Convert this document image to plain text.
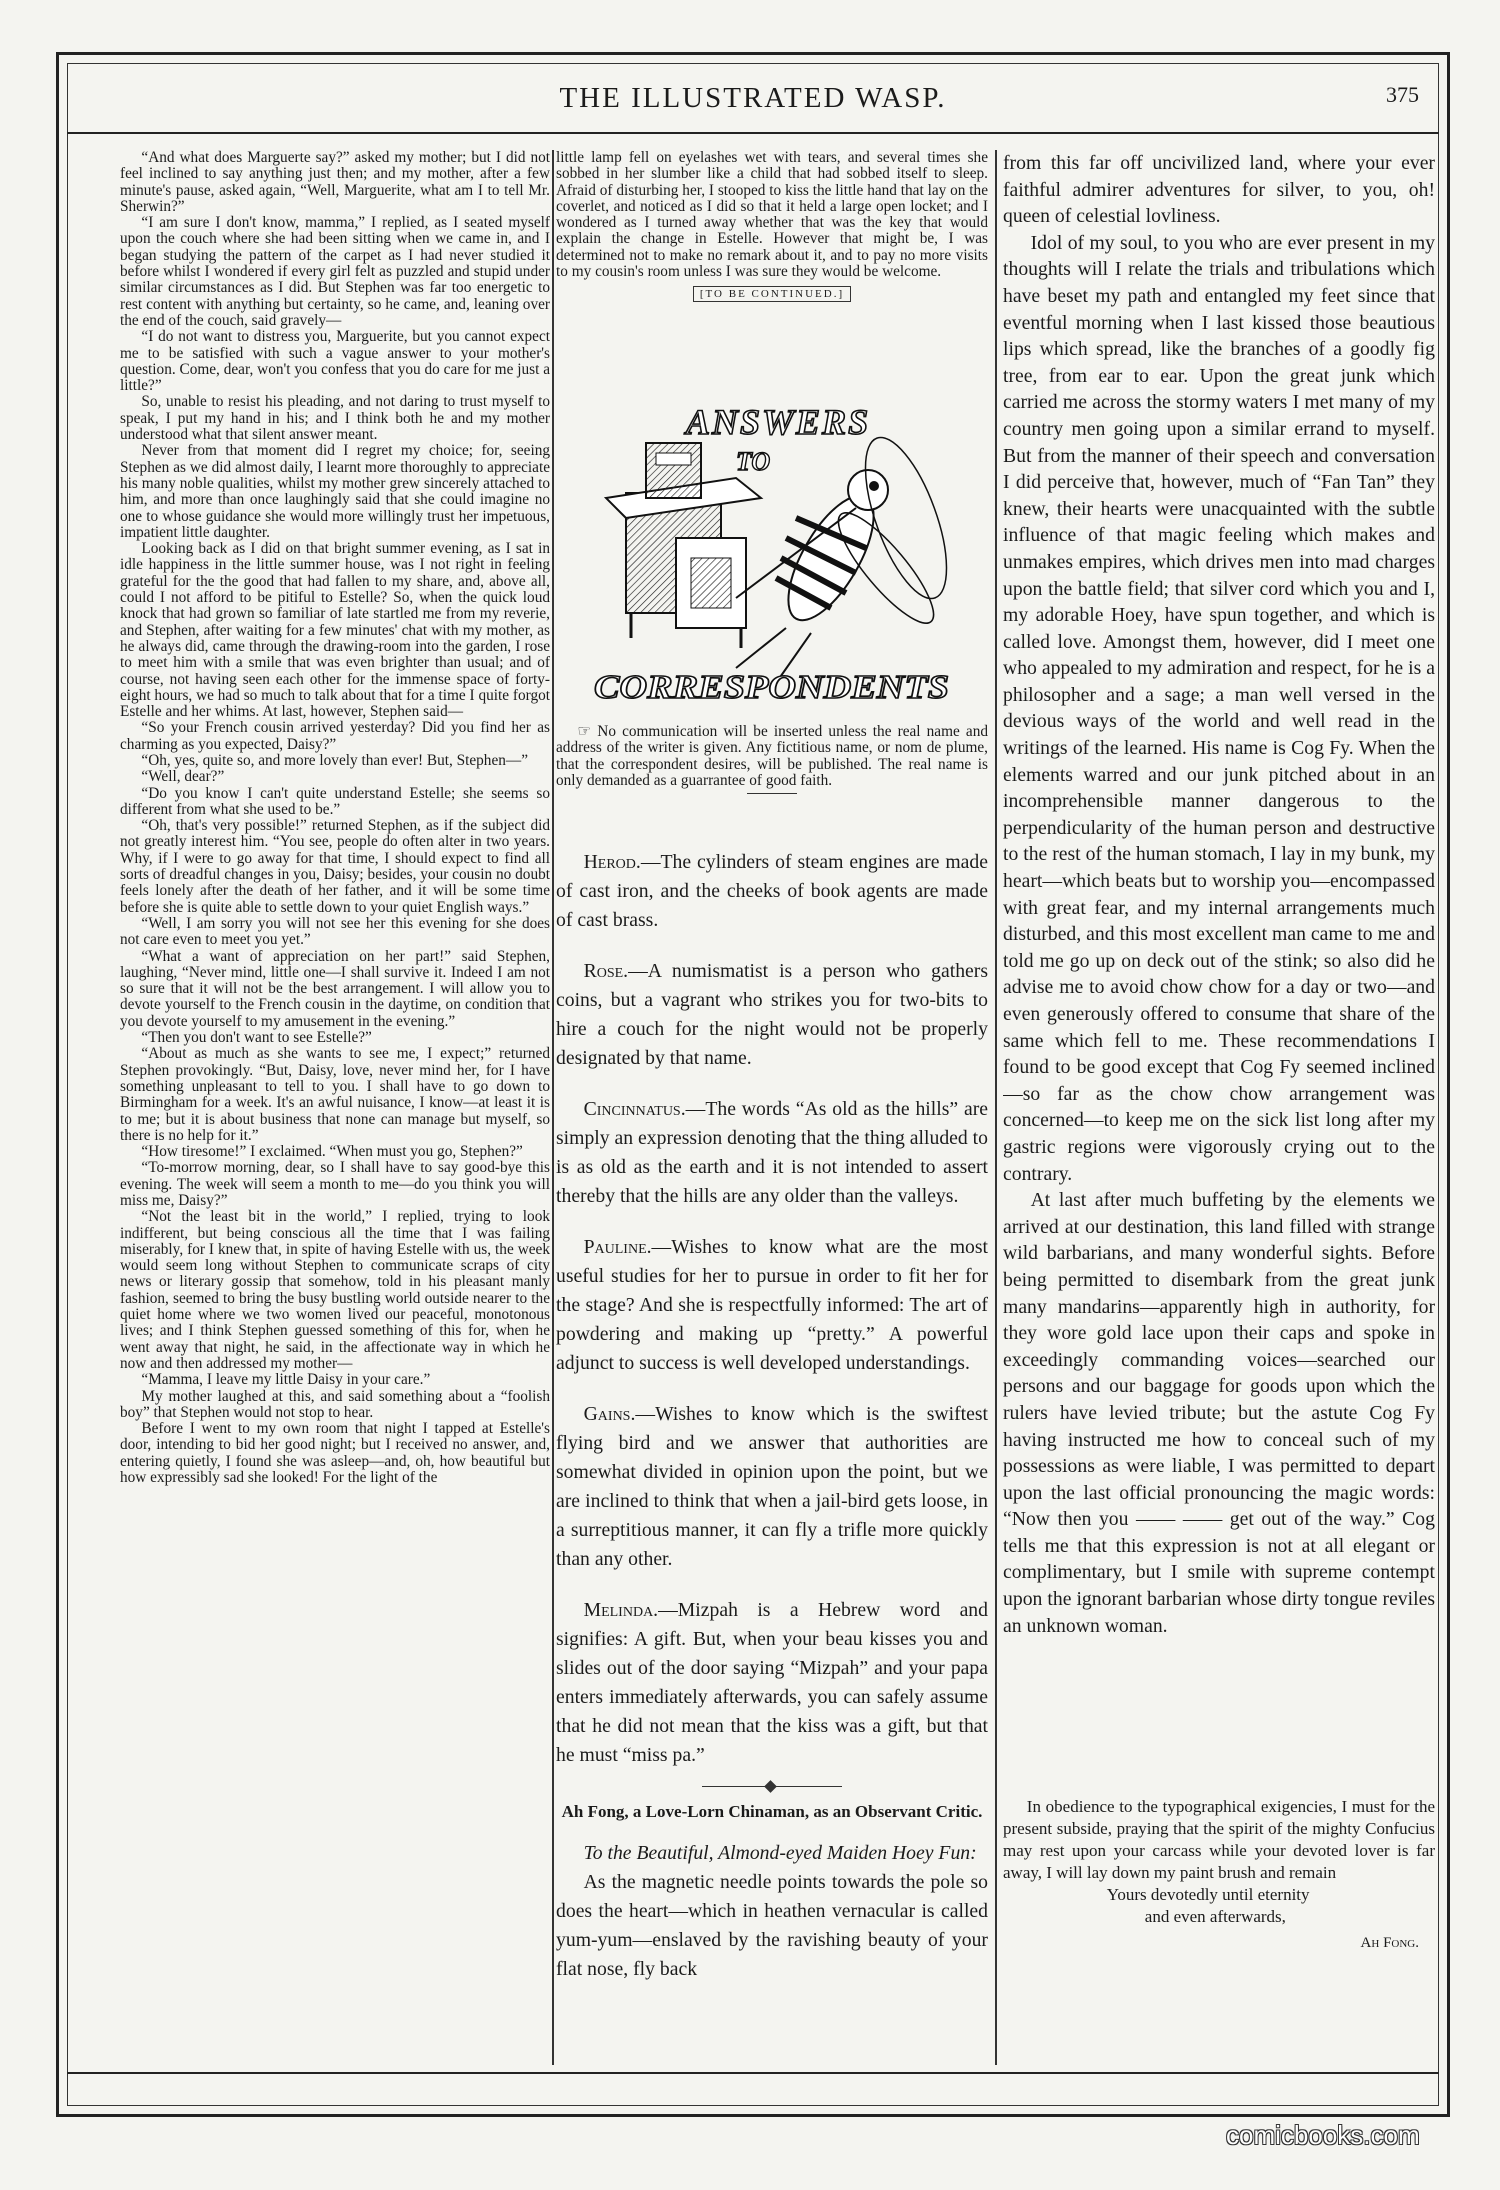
THE ILLUSTRATED WASP.	375

“And what does Marguerte say?” asked my mother; but I did not feel inclined to say anything just then; and my mother, after a few minute's pause, asked again, “Well, Marguerite, what am I to tell Mr. Sherwin?”

“I am sure I don't know, mamma,” I replied, as I seated myself upon the couch where she had been sitting when we came in, and I began studying the pattern of the carpet as I had never studied it before whilst I wondered if every girl felt as puzzled and stupid under similar circumstances as I did. But Stephen was far too energetic to rest content with anything but certainty, so he came, and, leaning over the end of the couch, said gravely—

“I do not want to distress you, Marguerite, but you cannot expect me to be satisfied with such a vague answer to your mother's question. Come, dear, won't you confess that you do care for me just a little?”

So, unable to resist his pleading, and not daring to trust myself to speak, I put my hand in his; and I think both he and my mother understood what that silent answer meant.

Never from that moment did I regret my choice; for, seeing Stephen as we did almost daily, I learnt more thoroughly to appreciate his many noble qualities, whilst my mother grew sincerely attached to him, and more than once laughingly said that she could imagine no one to whose guidance she would more willingly trust her impetuous, impatient little daughter.

Looking back as I did on that bright summer evening, as I sat in idle happiness in the little summer house, was I not right in feeling grateful for the the good that had fallen to my share, and, above all, could I not afford to be pitiful to Estelle? So, when the quick loud knock that had grown so familiar of late startled me from my reverie, and Stephen, after waiting for a few minutes' chat with my mother, as he always did, came through the drawing-room into the garden, I rose to meet him with a smile that was even brighter than usual; and of course, not having seen each other for the immense space of forty-eight hours, we had so much to talk about that for a time I quite forgot Estelle and her whims. At last, however, Stephen said—

“So your French cousin arrived yesterday? Did you find her as charming as you expected, Daisy?”

“Oh, yes, quite so, and more lovely than ever! But, Stephen—”

“Well, dear?”

“Do you know I can't quite understand Estelle; she seems so different from what she used to be.”

“Oh, that's very possible!” returned Stephen, as if the subject did not greatly interest him. “You see, people do often alter in two years. Why, if I were to go away for that time, I should expect to find all sorts of dreadful changes in you, Daisy; besides, your cousin no doubt feels lonely after the death of her father, and it will be some time before she is quite able to settle down to your quiet English ways.”

“Well, I am sorry you will not see her this evening for she does not care even to meet you yet.”

“What a want of appreciation on her part!” said Stephen, laughing, “Never mind, little one—I shall survive it. Indeed I am not so sure that it will not be the best arrangement. I will allow you to devote yourself to the French cousin in the daytime, on condition that you devote yourself to my amusement in the evening.”

“Then you don't want to see Estelle?”

“About as much as she wants to see me, I expect;” returned Stephen provokingly. “But, Daisy, love, never mind her, for I have something unpleasant to tell to you. I shall have to go down to Birmingham for a week. It's an awful nuisance, I know—at least it is to me; but it is about business that none can manage but myself, so there is no help for it.”

“How tiresome!” I exclaimed. “When must you go, Stephen?”

“To-morrow morning, dear, so I shall have to say good-bye this evening. The week will seem a month to me—do you think you will miss me, Daisy?”

“Not the least bit in the world,” I replied, trying to look indifferent, but being conscious all the time that I was failing miserably, for I knew that, in spite of having Estelle with us, the week would seem long without Stephen to communicate scraps of city news or literary gossip that somehow, told in his pleasant manly fashion, seemed to bring the busy bustling world outside nearer to the quiet home where we two women lived our peaceful, monotonous lives; and I think Stephen guessed something of this for, when he went away that night, he said, in the affectionate way in which he now and then addressed my mother—

“Mamma, I leave my little Daisy in your care.”

My mother laughed at this, and said something about a “foolish boy” that Stephen would not stop to hear.

Before I went to my own room that night I tapped at Estelle's door, intending to bid her good night; but I received no answer, and, entering quietly, I found she was asleep—and, oh, how beautiful but how expressibly sad she looked! For the light of the

little lamp fell on eyelashes wet with tears, and several times she sobbed in her slumber like a child that had sobbed itself to sleep. Afraid of disturbing her, I stooped to kiss the little hand that lay on the coverlet, and noticed as I did so that it held a large open locket; and I wondered as I turned away whether that was the key that would explain the change in Estelle. However that might be, I was determined not to make no remark about it, and to pay no more visits to my cousin's room unless I was sure they would be welcome.

[TO BE CONTINUED.]
ANSWERS
TO
CORRESPONDENTS

☞ No communication will be inserted unless the real name and address of the writer is given. Any fictitious name, or nom de plume, that the correspondent desires, will be published. The real name is only demanded as a guarrantee of good faith.

Herod.—The cylinders of steam engines are made of cast iron, and the cheeks of book agents are made of cast brass.

Rose.—A numismatist is a person who gathers coins, but a vagrant who strikes you for two-bits to hire a couch for the night would not be properly designated by that name.

Cincinnatus.—The words “As old as the hills” are simply an expression denoting that the thing alluded to is as old as the earth and it is not intended to assert thereby that the hills are any older than the valleys.

Pauline.—Wishes to know what are the most useful studies for her to pursue in order to fit her for the stage? And she is respectfully informed: The art of powdering and making up “pretty.” A powerful adjunct to success is well developed understandings.

Gains.—Wishes to know which is the swiftest flying bird and we answer that authorities are somewhat divided in opinion upon the point, but we are inclined to think that when a jail-bird gets loose, in a surreptitious manner, it can fly a trifle more quickly than any other.

Melinda.—Mizpah is a Hebrew word and signifies: A gift. But, when your beau kisses you and slides out of the door saying “Mizpah” and your papa enters immediately afterwards, you can safely assume that he did not mean that the kiss was a gift, but that he must “miss pa.”

Ah Fong, a Love-Lorn Chinaman, as an Observant Critic.

To the Beautiful, Almond-eyed Maiden Hoey Fun:

As the magnetic needle points towards the pole so does the heart—which in heathen vernacular is called yum-yum—enslaved by the ravishing beauty of your flat nose, fly back

from this far off uncivilized land, where your ever faithful admirer adventures for silver, to you, oh! queen of celestial lovliness.

Idol of my soul, to you who are ever present in my thoughts will I relate the trials and tribulations which have beset my path and entangled my feet since that eventful morning when I last kissed those beautious lips which spread, like the branches of a goodly fig tree, from ear to ear. Upon the great junk which carried me across the stormy waters I met many of my country men going upon a similar errand to myself. But from the manner of their speech and conversation I did perceive that, however, much of “Fan Tan” they knew, their hearts were unacquainted with the subtle influence of that magic feeling which makes and unmakes empires, which drives men into mad charges upon the battle field; that silver cord which you and I, my adorable Hoey, have spun together, and which is called love. Amongst them, however, did I meet one who appealed to my admiration and respect, for he is a philosopher and a sage; a man well versed in the devious ways of the world and well read in the writings of the learned. His name is Cog Fy. When the elements warred and our junk pitched about in an incomprehensible manner dangerous to the perpendicularity of the human person and destructive to the rest of the human stomach, I lay in my bunk, my heart—which beats but to worship you—encompassed with great fear, and my internal arrangements much disturbed, and this most excellent man came to me and told me go up on deck out of the stink; so also did he advise me to avoid chow chow for a day or two—and even generously offered to consume that share of the same which fell to me. These recommendations I found to be good except that Cog Fy seemed inclined—so far as the chow chow arrangement was concerned—to keep me on the sick list long after my gastric regions were vigorously crying out to the contrary.

At last after much buffeting by the elements we arrived at our destination, this land filled with strange wild barbarians, and many wonderful sights. Before being permitted to disembark from the great junk many mandarins—apparently high in authority, for they wore gold lace upon their caps and spoke in exceedingly commanding voices—searched our persons and our baggage for goods upon which the rulers have levied tribute; but the astute Cog Fy having instructed me how to conceal such of my possessions as were liable, I was permitted to depart upon the last official pronouncing the magic words: “Now then you —— —— get out of the way.” Cog tells me that this expression is not at all elegant or complimentary, but I smile with supreme contempt upon the ignorant barbarian whose dirty tongue reviles an unknown woman.

In obedience to the typographical exigencies, I must for the present subside, praying that the spirit of the mighty Confucius may rest upon your carcass while your devoted lover is far away, I will lay down my paint brush and remain

Yours devotedly until eternity

and even afterwards,

Ah Fong.
comicbooks.com
